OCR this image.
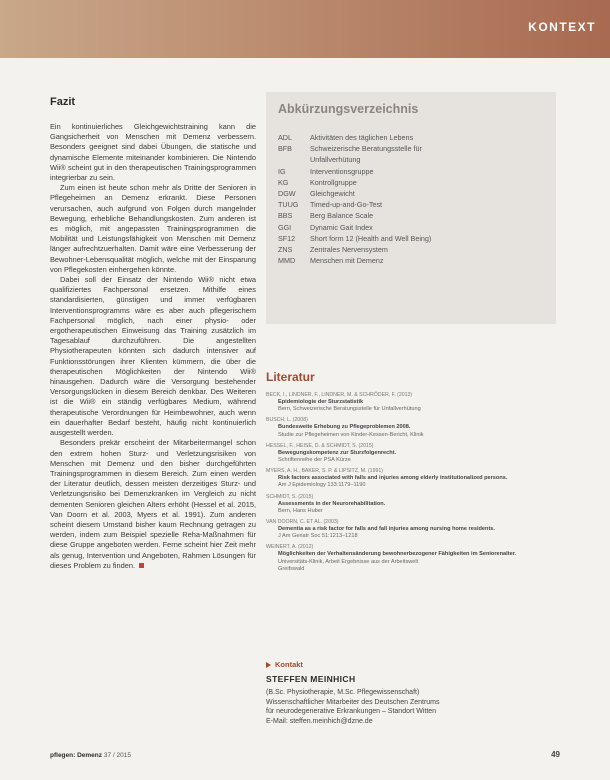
KONTEXT
Fazit

Ein kontinuierliches Gleichgewichtstraining kann die Gangsicherheit von Menschen mit Demenz verbessern. Besonders geeignet sind dabei Übungen, die statische und dynamische Elemente miteinander kombinieren. Die Nintendo Wii® scheint gut in den therapeutischen Trainingsprogrammen integrierbar zu sein.

Zum einen ist heute schon mehr als Dritte der Senioren in Pflegeheimen an Demenz erkrankt. Diese Personen verursachen, auch aufgrund von Folgen durch mangelnder Bewegung, erhebliche Behandlungskosten. Zum anderen ist es möglich, mit angepassten Trainingsprogrammen die Mobilität und Leistungsfähigkeit von Menschen mit Demenz länger aufrechtzuerhalten. Damit wäre eine Verbesserung der Bewohner-Lebensqualität möglich, welche mit der Einsparung von Pflegekosten einhergehen könnte.

Dabei soll der Einsatz der Nintendo Wii® nicht etwa qualifiziertes Fachpersonal ersetzen. Mithilfe eines standardisierten, günstigen und immer verfügbaren Interventionsprogramms wäre es aber auch pflegerischem Fachpersonal möglich, nach einer physio- oder ergotherapeutischen Einweisung das Training zusätzlich im Tagesablauf durchzuführen. Die angestellten Physiotherapeuten könnten sich dadurch intensiver auf Funktionsstörungen ihrer Klienten kümmern, die über die therapeutischen Möglichkeiten der Nintendo Wii® hinausgehen. Dadurch wäre die Versorgung bestehender Versorgungslücken in diesem Bereich denkbar. Des Weiteren ist die Wii® ein ständig verfügbares Medium, während therapeutische Verordnungen für Heimbewohner, auch wenn ein dauerhafter Bedarf besteht, häufig nicht kontinuierlich ausgestellt werden.

Besonders prekär erscheint der Mitarbeitermangel schon den extrem hohen Sturz- und Verletzungsrisiken von Menschen mit Demenz und den bisher durchgeführten Trainingsprogrammen in diesem Bereich. Zum einen werden der Literatur deutlich, dessen meisten derzeitiges Sturz- und Verletzungsrisiko bei Demenzkranken im Vergleich zu nicht dementen Senioren gleichen Alters erhöht (Hessel et al. 2015, Van Doorn et al. 2003, Myers et al. 1991). Zum anderen scheint diesem Umstand bisher kaum Rechnung getragen zu werden, indem zum Beispiel spezielle Reha-Maßnahmen für diese Gruppe angeboten werden. Ferne scheint hier Zeit mehr als genug, Intervention und Angeboten, Rahmen Lösungen für dieses Problem zu finden.

Abkürzungsverzeichnis
ADL	Aktivitäten des täglichen Lebens
BFB	Schweizerische Beratungsstelle für
Unfallverhütung
IG	Interventionsgruppe
KG	Kontrollgruppe
DGW	Gleichgewicht
TUUG	Timed-up-and-Go-Test
BBS	Berg Balance Scale
GGI	Dynamic Gait Index
SF12	Short form 12 (Health and Well Being)
ZNS	Zentrales Nervensystem
MMD	Menschen mit Demenz
Literatur
BECK, I., LINDNER, F., LINDNER, M. & SCHRÖDER, F. (2013)
Epidemiologie der Sturzstatistik
Bern, Schweizerische Beratungsstelle für Unfallverhütung
BUSCH, L. (2008)
Bundesweite Erhebung zu Pflegeproblemen 2008.
Studie zur Pflegeheimen von Kinder-Kessen-Bericht, Klinik
HESSEL, F., HEISE, D. & SCHMIDT, S. (2015)
Bewegungskompetenz zur Sturzfolgenrecht.
Schriftenreihe der PSA Kürze
MYERS, A. H., BAKER, S. P. & LIPSITZ, M. (1991)
Risk factors associated with falls and injuries among elderly institutionalized persons.
Am J Epidemiology 133:1179–1190
SCHMIDT, S. (2015)
Assessments in der Neurorehabilitation.
Bern, Hans Huber
VAN DOORN, C. ET AL. (2003)
Dementia as a risk factor for falls and fall injuries among nursing home residents.
J Am Geriatr Soc 51:1213–1218
WEINERT, A. (2012)
Möglichkeiten der Verhaltensänderung bewohnerbezogener Fähigkeiten im Seniorenalter.
Universitäts-Klinik, Arbeit Ergebnisse aus der Arbeitswelt
Greifswald
Kontakt
STEFFEN MEINHICH
(B.Sc. Physiotherapie, M.Sc. Pflegewissenschaft)
Wissenschaftlicher Mitarbeiter des Deutschen Zentrums
für neurodegenerative Erkrankungen – Standort Witten
E-Mail: steffen.meinhich@dzne.de
pflegen: Demenz 37 / 2015	49
